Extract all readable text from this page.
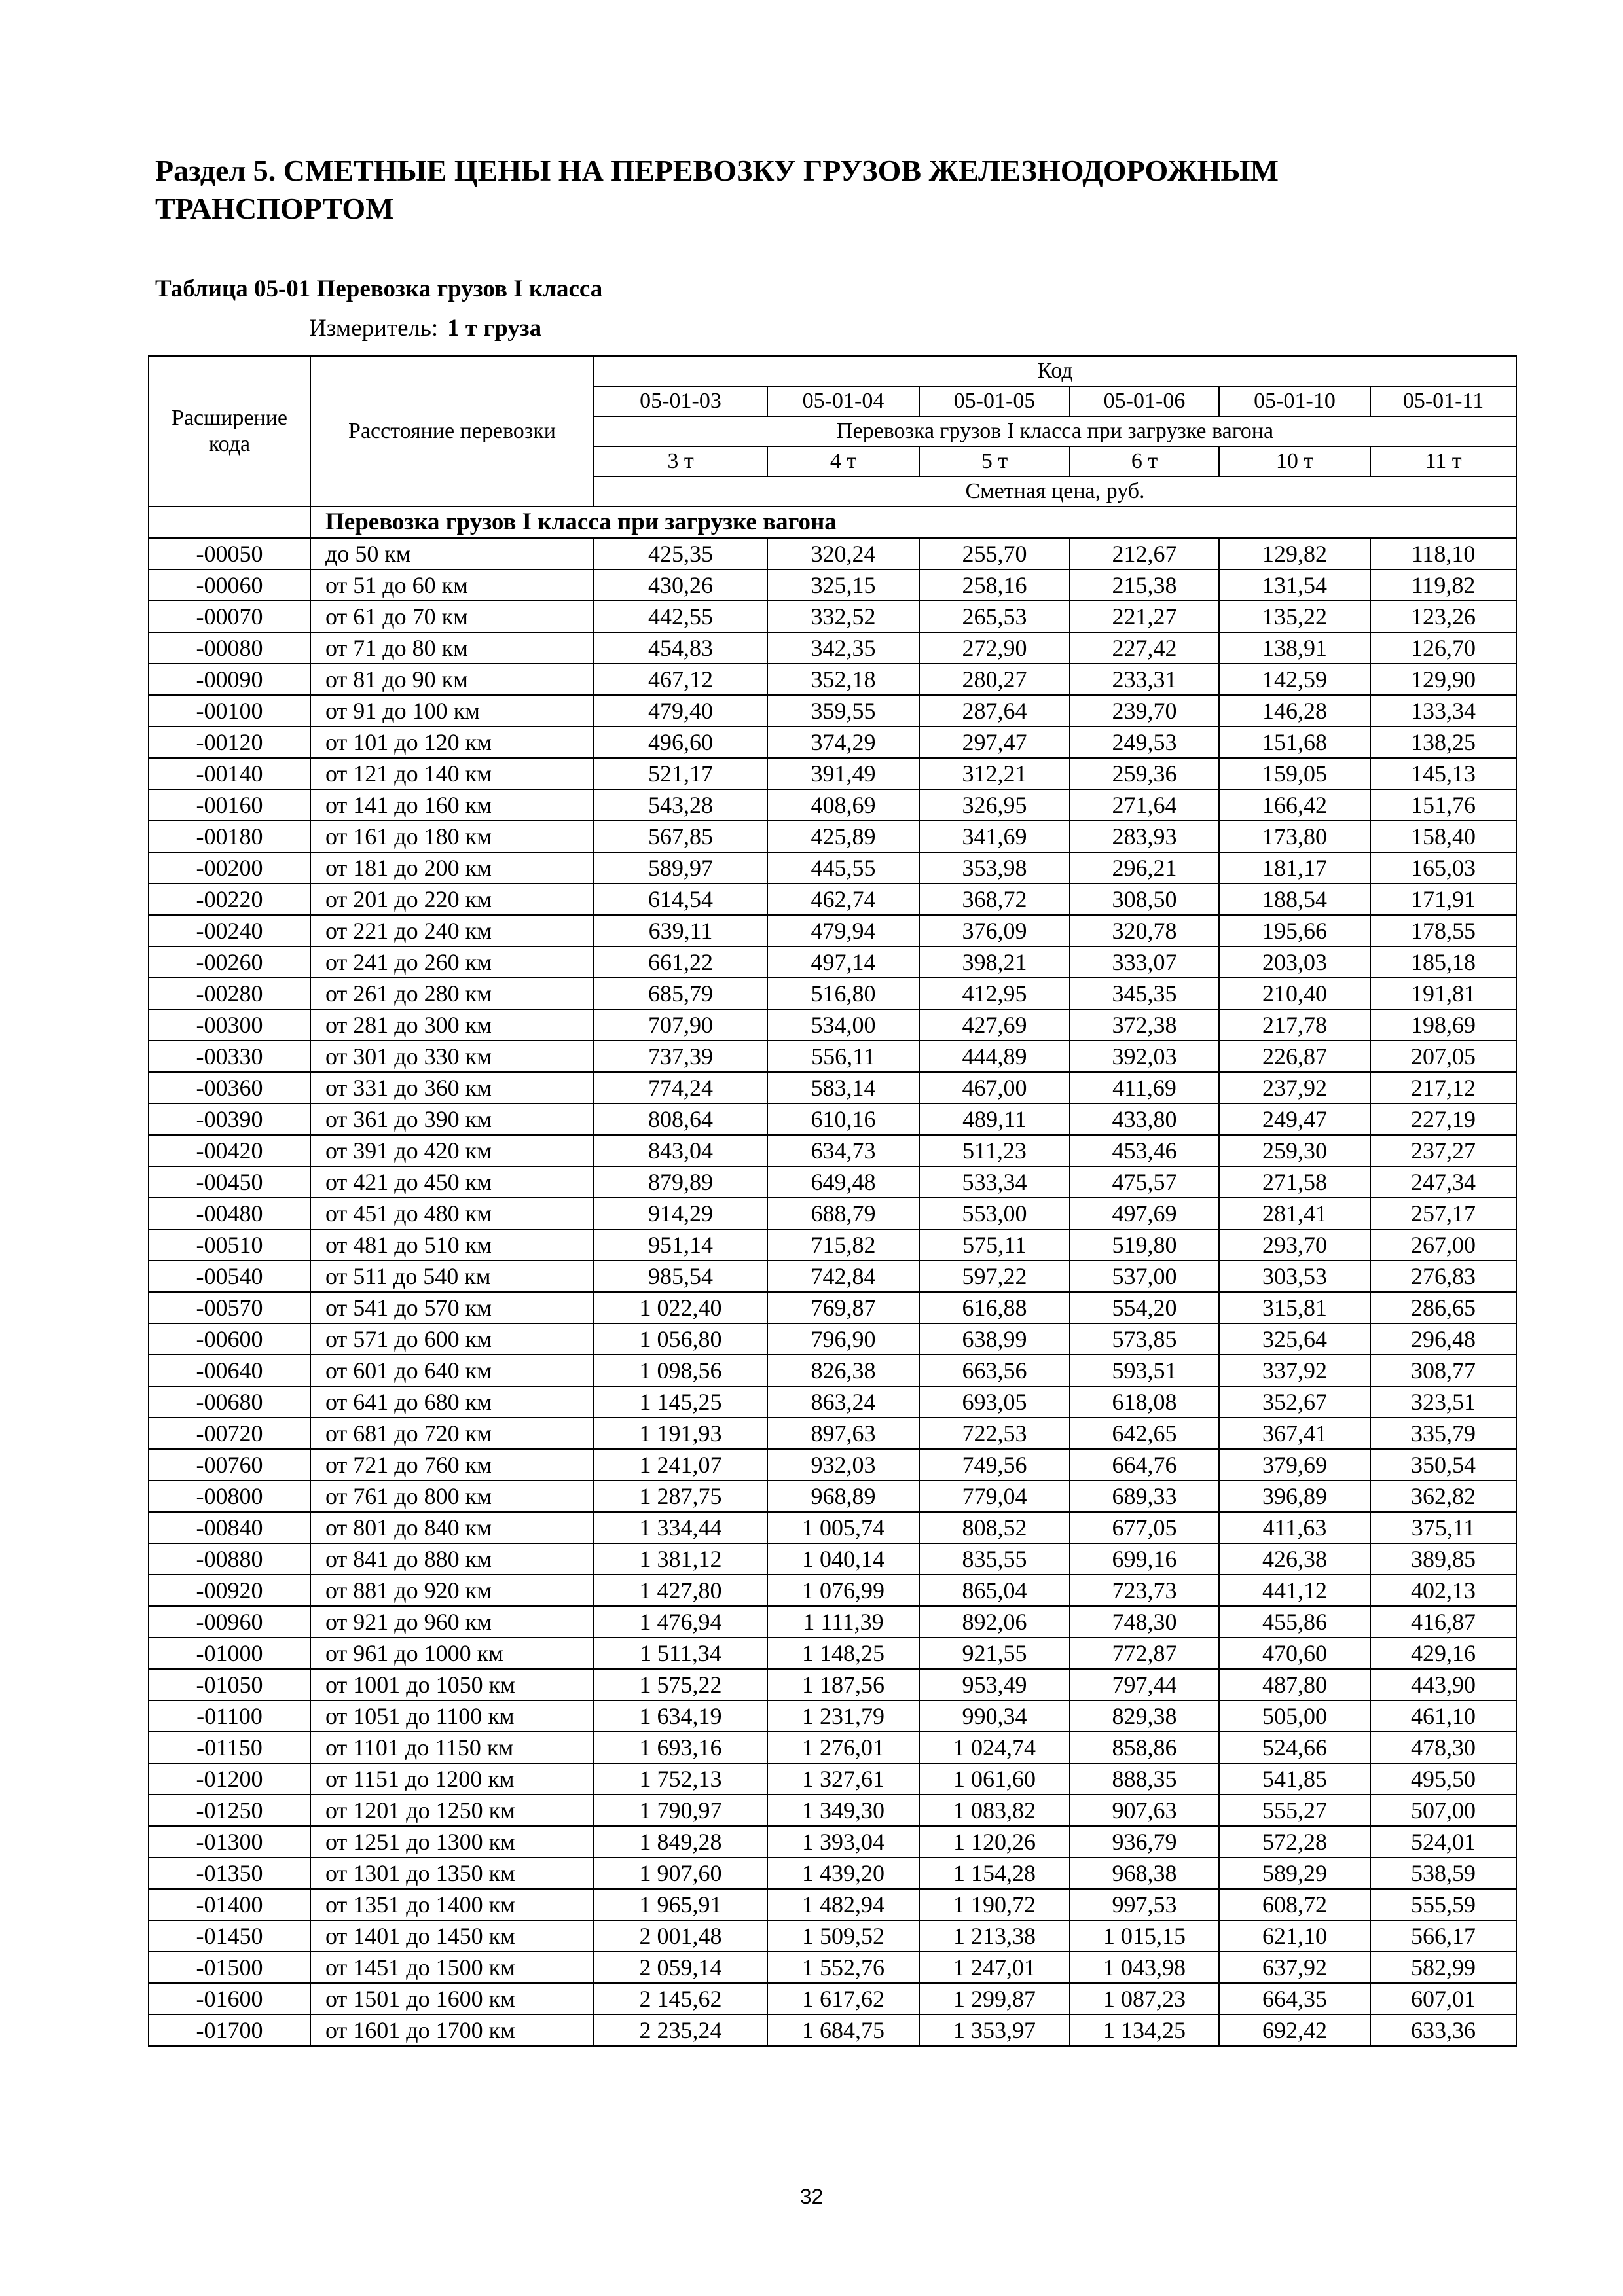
Раздел 5. СМЕТНЫЕ ЦЕНЫ НА ПЕРЕВОЗКУ ГРУЗОВ ЖЕЛЕЗНОДОРОЖНЫМ ТРАНСПОРТОМ
Таблица 05-01 Перевозка грузов I класса
Измеритель: 1 т груза
Расширение кода	Расстояние перевозки	Код					
		05-01-03	05-01-04	05-01-05	05-01-06	05-01-10	05-01-11
		Перевозка грузов I класса при загрузке вагона					
		3 т	4 т	5 т	6 т	10 т	11 т
		Сметная цена, руб.					
	Перевозка грузов I класса при загрузке вагона						
-00050	до 50 км	425,35	320,24	255,70	212,67	129,82	118,10
-00060	от 51 до 60 км	430,26	325,15	258,16	215,38	131,54	119,82
-00070	от 61 до 70 км	442,55	332,52	265,53	221,27	135,22	123,26
-00080	от 71 до 80 км	454,83	342,35	272,90	227,42	138,91	126,70
-00090	от 81 до 90 км	467,12	352,18	280,27	233,31	142,59	129,90
-00100	от 91 до 100 км	479,40	359,55	287,64	239,70	146,28	133,34
-00120	от 101 до 120 км	496,60	374,29	297,47	249,53	151,68	138,25
-00140	от 121 до 140 км	521,17	391,49	312,21	259,36	159,05	145,13
-00160	от 141 до 160 км	543,28	408,69	326,95	271,64	166,42	151,76
-00180	от 161 до 180 км	567,85	425,89	341,69	283,93	173,80	158,40
-00200	от 181 до 200 км	589,97	445,55	353,98	296,21	181,17	165,03
-00220	от 201 до 220 км	614,54	462,74	368,72	308,50	188,54	171,91
-00240	от 221 до 240 км	639,11	479,94	376,09	320,78	195,66	178,55
-00260	от 241 до 260 км	661,22	497,14	398,21	333,07	203,03	185,18
-00280	от 261 до 280 км	685,79	516,80	412,95	345,35	210,40	191,81
-00300	от 281 до 300 км	707,90	534,00	427,69	372,38	217,78	198,69
-00330	от 301 до 330 км	737,39	556,11	444,89	392,03	226,87	207,05
-00360	от 331 до 360 км	774,24	583,14	467,00	411,69	237,92	217,12
-00390	от 361 до 390 км	808,64	610,16	489,11	433,80	249,47	227,19
-00420	от 391 до 420 км	843,04	634,73	511,23	453,46	259,30	237,27
-00450	от 421 до 450 км	879,89	649,48	533,34	475,57	271,58	247,34
-00480	от 451 до 480 км	914,29	688,79	553,00	497,69	281,41	257,17
-00510	от 481 до 510 км	951,14	715,82	575,11	519,80	293,70	267,00
-00540	от 511 до 540 км	985,54	742,84	597,22	537,00	303,53	276,83
-00570	от 541 до 570 км	1 022,40	769,87	616,88	554,20	315,81	286,65
-00600	от 571 до 600 км	1 056,80	796,90	638,99	573,85	325,64	296,48
-00640	от 601 до 640 км	1 098,56	826,38	663,56	593,51	337,92	308,77
-00680	от 641 до 680 км	1 145,25	863,24	693,05	618,08	352,67	323,51
-00720	от 681 до 720 км	1 191,93	897,63	722,53	642,65	367,41	335,79
-00760	от 721 до 760 км	1 241,07	932,03	749,56	664,76	379,69	350,54
-00800	от 761 до 800 км	1 287,75	968,89	779,04	689,33	396,89	362,82
-00840	от 801 до 840 км	1 334,44	1 005,74	808,52	677,05	411,63	375,11
-00880	от 841 до 880 км	1 381,12	1 040,14	835,55	699,16	426,38	389,85
-00920	от 881 до 920 км	1 427,80	1 076,99	865,04	723,73	441,12	402,13
-00960	от 921 до 960 км	1 476,94	1 111,39	892,06	748,30	455,86	416,87
-01000	от 961 до 1000 км	1 511,34	1 148,25	921,55	772,87	470,60	429,16
-01050	от 1001 до 1050 км	1 575,22	1 187,56	953,49	797,44	487,80	443,90
-01100	от 1051 до 1100 км	1 634,19	1 231,79	990,34	829,38	505,00	461,10
-01150	от 1101 до 1150 км	1 693,16	1 276,01	1 024,74	858,86	524,66	478,30
-01200	от 1151 до 1200 км	1 752,13	1 327,61	1 061,60	888,35	541,85	495,50
-01250	от 1201 до 1250 км	1 790,97	1 349,30	1 083,82	907,63	555,27	507,00
-01300	от 1251 до 1300 км	1 849,28	1 393,04	1 120,26	936,79	572,28	524,01
-01350	от 1301 до 1350 км	1 907,60	1 439,20	1 154,28	968,38	589,29	538,59
-01400	от 1351 до 1400 км	1 965,91	1 482,94	1 190,72	997,53	608,72	555,59
-01450	от 1401 до 1450 км	2 001,48	1 509,52	1 213,38	1 015,15	621,10	566,17
-01500	от 1451 до 1500 км	2 059,14	1 552,76	1 247,01	1 043,98	637,92	582,99
-01600	от 1501 до 1600 км	2 145,62	1 617,62	1 299,87	1 087,23	664,35	607,01
-01700	от 1601 до 1700 км	2 235,24	1 684,75	1 353,97	1 134,25	692,42	633,36
32
